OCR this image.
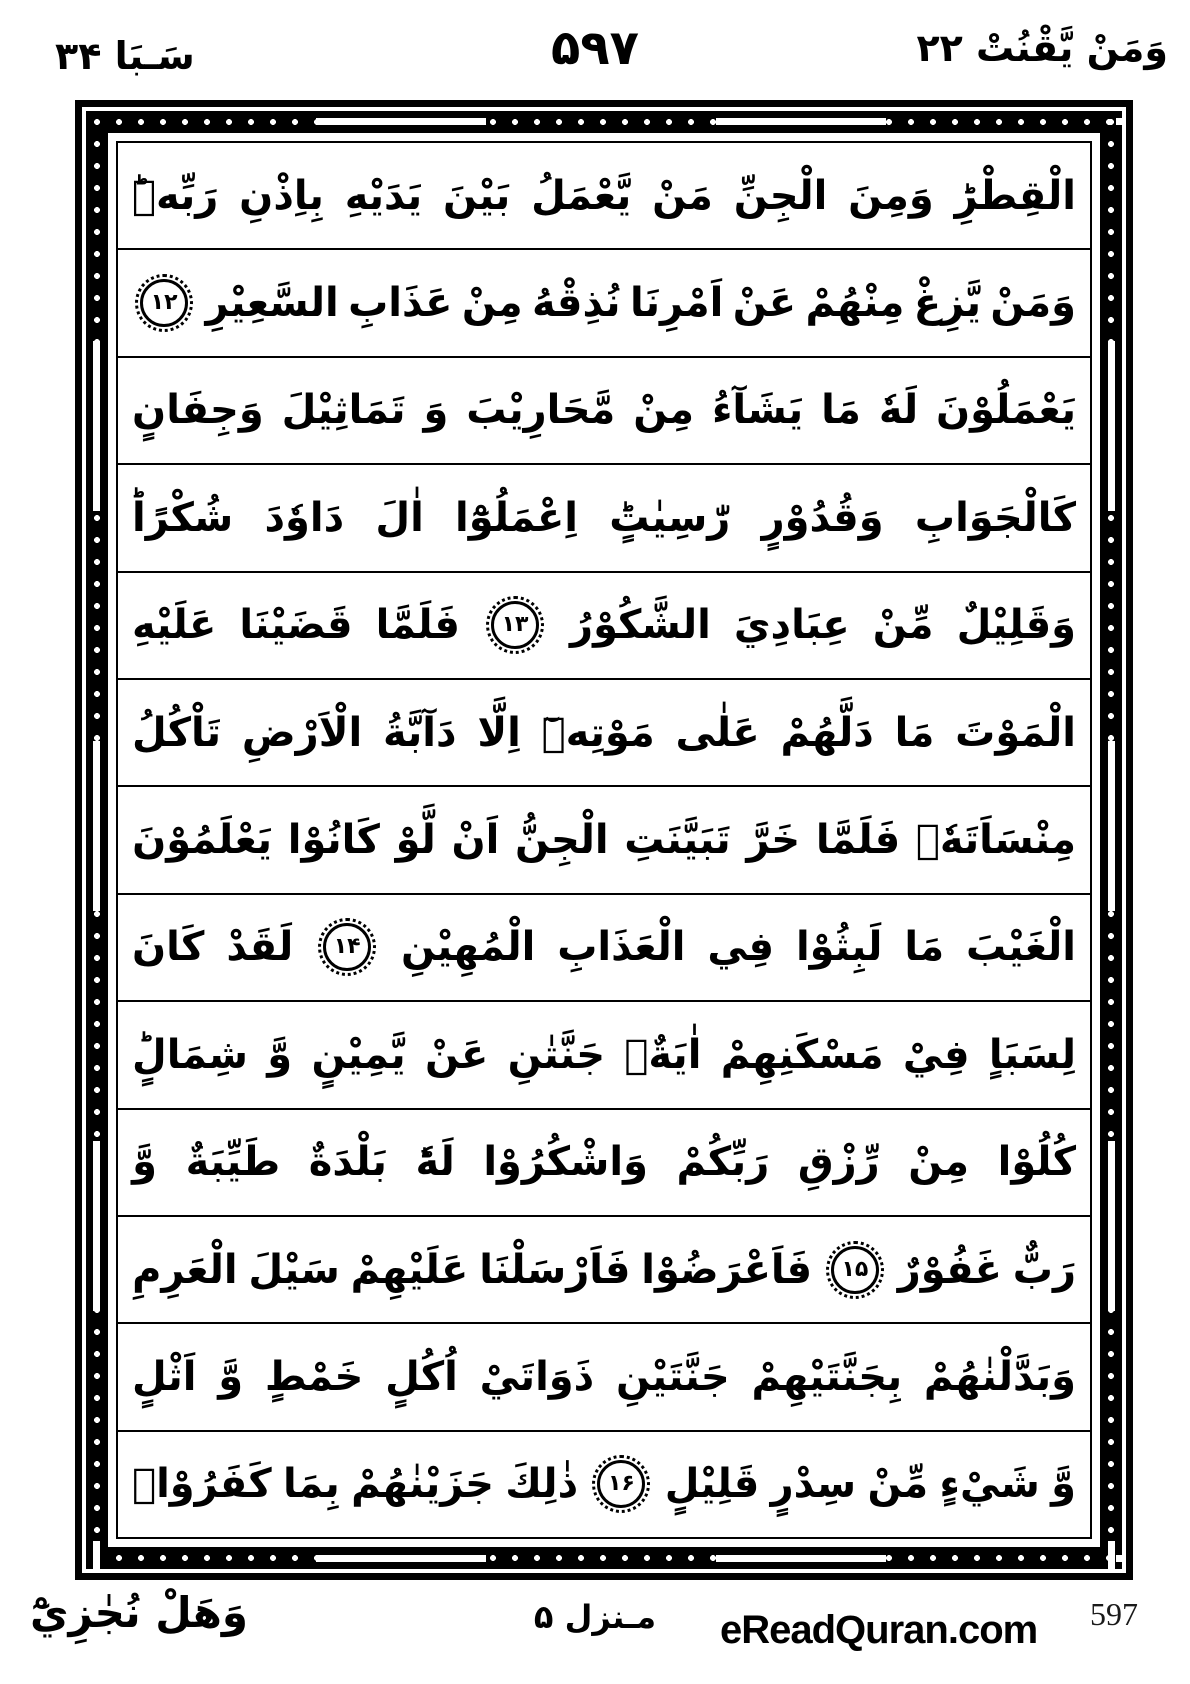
سَـبَا ۳۴	۵۹۷	وَمَنْ يَّقْنُتْ ۲۲
الْقِطْرِؕ
وَمِنَ
الْجِنِّ
مَنْ
يَّعْمَلُ
بَيْنَ
يَدَيْهِ
بِاِذْنِ
رَبِّهٖؕ
وَمَنْ
يَّزِغْ
مِنْهُمْ
عَنْ
اَمْرِنَا
نُذِقْهُ
مِنْ
عَذَابِ
السَّعِيْرِ
۱۲
يَعْمَلُوْنَ
لَهٗ
مَا
يَشَآءُ
مِنْ
مَّحَارِيْبَ
وَ
تَمَاثِيْلَ
وَجِفَانٍ
كَالْجَوَابِ
وَقُدُوْرٍ
رّٰسِيٰتٍؕ
اِعْمَلُوْٓا
اٰلَ
دَاوٗدَ
شُكْرًاؕ
وَقَلِيْلٌ
مِّنْ
عِبَادِيَ
الشَّكُوْرُ
۱۳
فَلَمَّا
قَضَيْنَا
عَلَيْهِ
الْمَوْتَ
مَا
دَلَّهُمْ
عَلٰى
مَوْتِهٖٓ
اِلَّا
دَآبَّةُ
الْاَرْضِ
تَاْكُلُ
مِنْسَاَتَهٗۚ
فَلَمَّا
خَرَّ
تَبَيَّنَتِ
الْجِنُّ
اَنْ
لَّوْ
كَانُوْا
يَعْلَمُوْنَ
الْغَيْبَ
مَا
لَبِثُوْا
فِي
الْعَذَابِ
الْمُهِيْنِ
۱۴
لَقَدْ
كَانَ
لِسَبَاٍ
فِيْ
مَسْكَنِهِمْ
اٰيَةٌۚ
جَنَّتٰنِ
عَنْ
يَّمِيْنٍ
وَّ
شِمَالٍؕ
كُلُوْا
مِنْ
رِّزْقِ
رَبِّكُمْ
وَاشْكُرُوْا
لَهٗؕ
بَلْدَةٌ
طَيِّبَةٌ
وَّ
رَبٌّ
غَفُوْرٌ
۱۵
فَاَعْرَضُوْا
فَاَرْسَلْنَا
عَلَيْهِمْ
سَيْلَ
الْعَرِمِ
وَبَدَّلْنٰهُمْ
بِجَنَّتَيْهِمْ
جَنَّتَيْنِ
ذَوَاتَيْ
اُكُلٍ
خَمْطٍ
وَّ
اَثْلٍ
وَّ
شَيْءٍ
مِّنْ
سِدْرٍ
قَلِيْلٍ
۱۶
ذٰلِكَ
جَزَيْنٰهُمْ
بِمَا
كَفَرُوْاۚ
وَهَلْ نُجٰزِيْٓ	مـنزل ۵ eReadQuran.com 597
